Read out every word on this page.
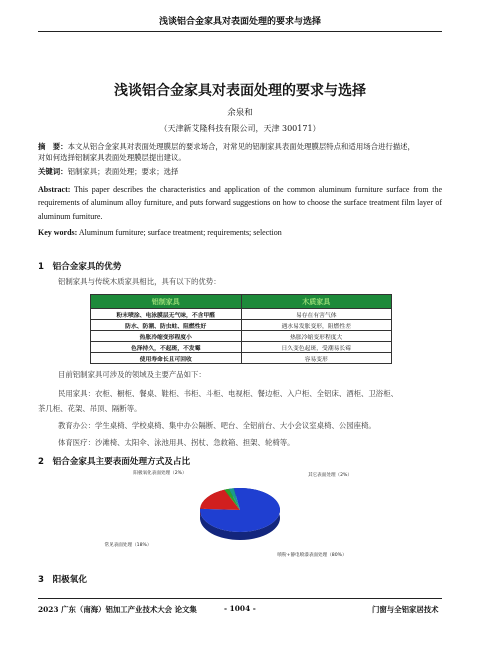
浅谈铝合金家具对表面处理的要求与选择
浅谈铝合金家具对表面处理的要求与选择
余泉和
（天津新艾隆科技有限公司，天津 300171）
摘　要：本文从铝合金家具对表面处理膜层的要求场合，对常见的铝制家具表面处理膜层特点和适用场合进行描述，
对如何选择铝制家具表面处理膜层提出建议。
关键词：铝制家具；表面处理；要求；选择
Abstract: This paper describes the characteristics and application of the common aluminum furniture surface from the requirements of aluminum alloy furniture, and puts forward suggestions on how to choose the surface treatment film layer of aluminum furniture.
Key words: Aluminum furniture; surface treatment; requirements; selection
1　铝合金家具的优势
铝制家具与传统木质家具相比，具有以下的优势：
铝制家具	木质家具
粉末喷涂、电泳膜层无气味，不含甲醛	易存在有害气体
防水、防潮、防虫蛀、阻燃性好	遇水易发胀变形，阻燃性差
热胀冷缩变形程度小	热胀冷缩变形程度大
色泽持久，不起斑，不发霉	日久变色起斑，受潮易长霉
使用寿命长且可回收	容易变形
目前铝制家具可涉及的领域及主要产品如下：
民用家具：衣柜、橱柜、餐桌、鞋柜、书柜、斗柜、电视柜、餐边柜、入户柜、全铝床、酒柜、卫浴柜、
茶几柜、花架、吊顶、隔断等。
教育办公：学生桌椅、学校桌椅、集中办公隔断、吧台、全铝前台、大小会议室桌椅、公园座椅。
体育医疗：沙滩椅、太阳伞、泳池用具、拐杖、急救箱、担架、轮椅等。
2　铝合金家具主要表面处理方式及占比
喷粉+静电喷漆表面处理（80%）
常见表面处理（18%）
阳极氧化表面处理（2%）	其它表面处理（2%）
3　阳极氧化
2023 广东（南海）铝加工产业技术大会 论文集	- 1004 -	门窗与全铝家居技术
